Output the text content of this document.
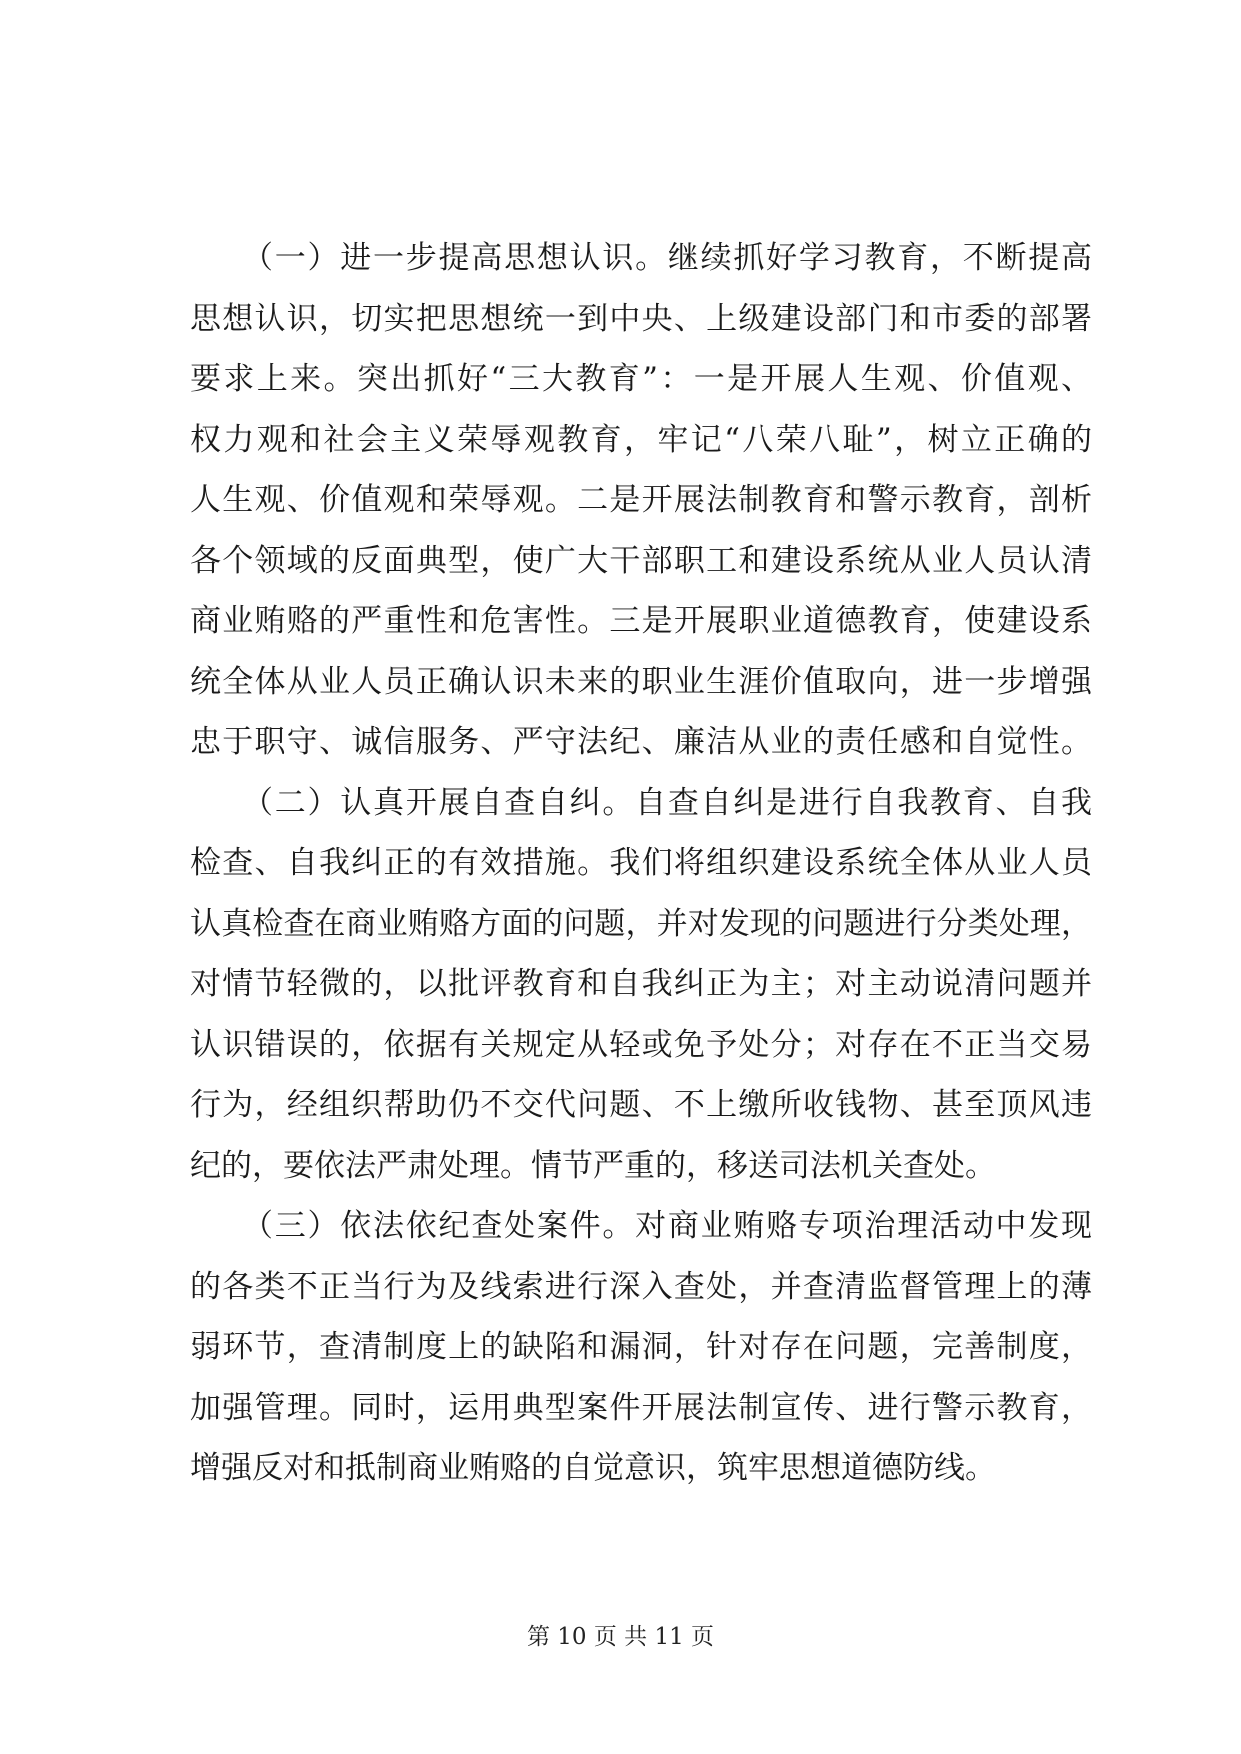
（一）进一步提高思想认识。继续抓好学习教育，不断提高
思想认识，切实把思想统一到中央、上级建设部门和市委的部署
要求上来。突出抓好“三大教育”：一是开展人生观、价值观、
权力观和社会主义荣辱观教育，牢记“八荣八耻”，树立正确的
人生观、价值观和荣辱观。二是开展法制教育和警示教育，剖析
各个领域的反面典型，使广大干部职工和建设系统从业人员认清
商业贿赂的严重性和危害性。三是开展职业道德教育，使建设系
统全体从业人员正确认识未来的职业生涯价值取向，进一步增强
忠于职守、诚信服务、严守法纪、廉洁从业的责任感和自觉性。
（二）认真开展自查自纠。自查自纠是进行自我教育、自我
检查、自我纠正的有效措施。我们将组织建设系统全体从业人员
认真检查在商业贿赂方面的问题，并对发现的问题进行分类处理，
对情节轻微的，以批评教育和自我纠正为主；对主动说清问题并
认识错误的，依据有关规定从轻或免予处分；对存在不正当交易
行为，经组织帮助仍不交代问题、不上缴所收钱物、甚至顶风违
纪的，要依法严肃处理。情节严重的，移送司法机关查处。
（三）依法依纪查处案件。对商业贿赂专项治理活动中发现
的各类不正当行为及线索进行深入查处，并查清监督管理上的薄
弱环节，查清制度上的缺陷和漏洞，针对存在问题，完善制度，
加强管理。同时，运用典型案件开展法制宣传、进行警示教育，
增强反对和抵制商业贿赂的自觉意识，筑牢思想道德防线。
第 10 页 共 11 页
